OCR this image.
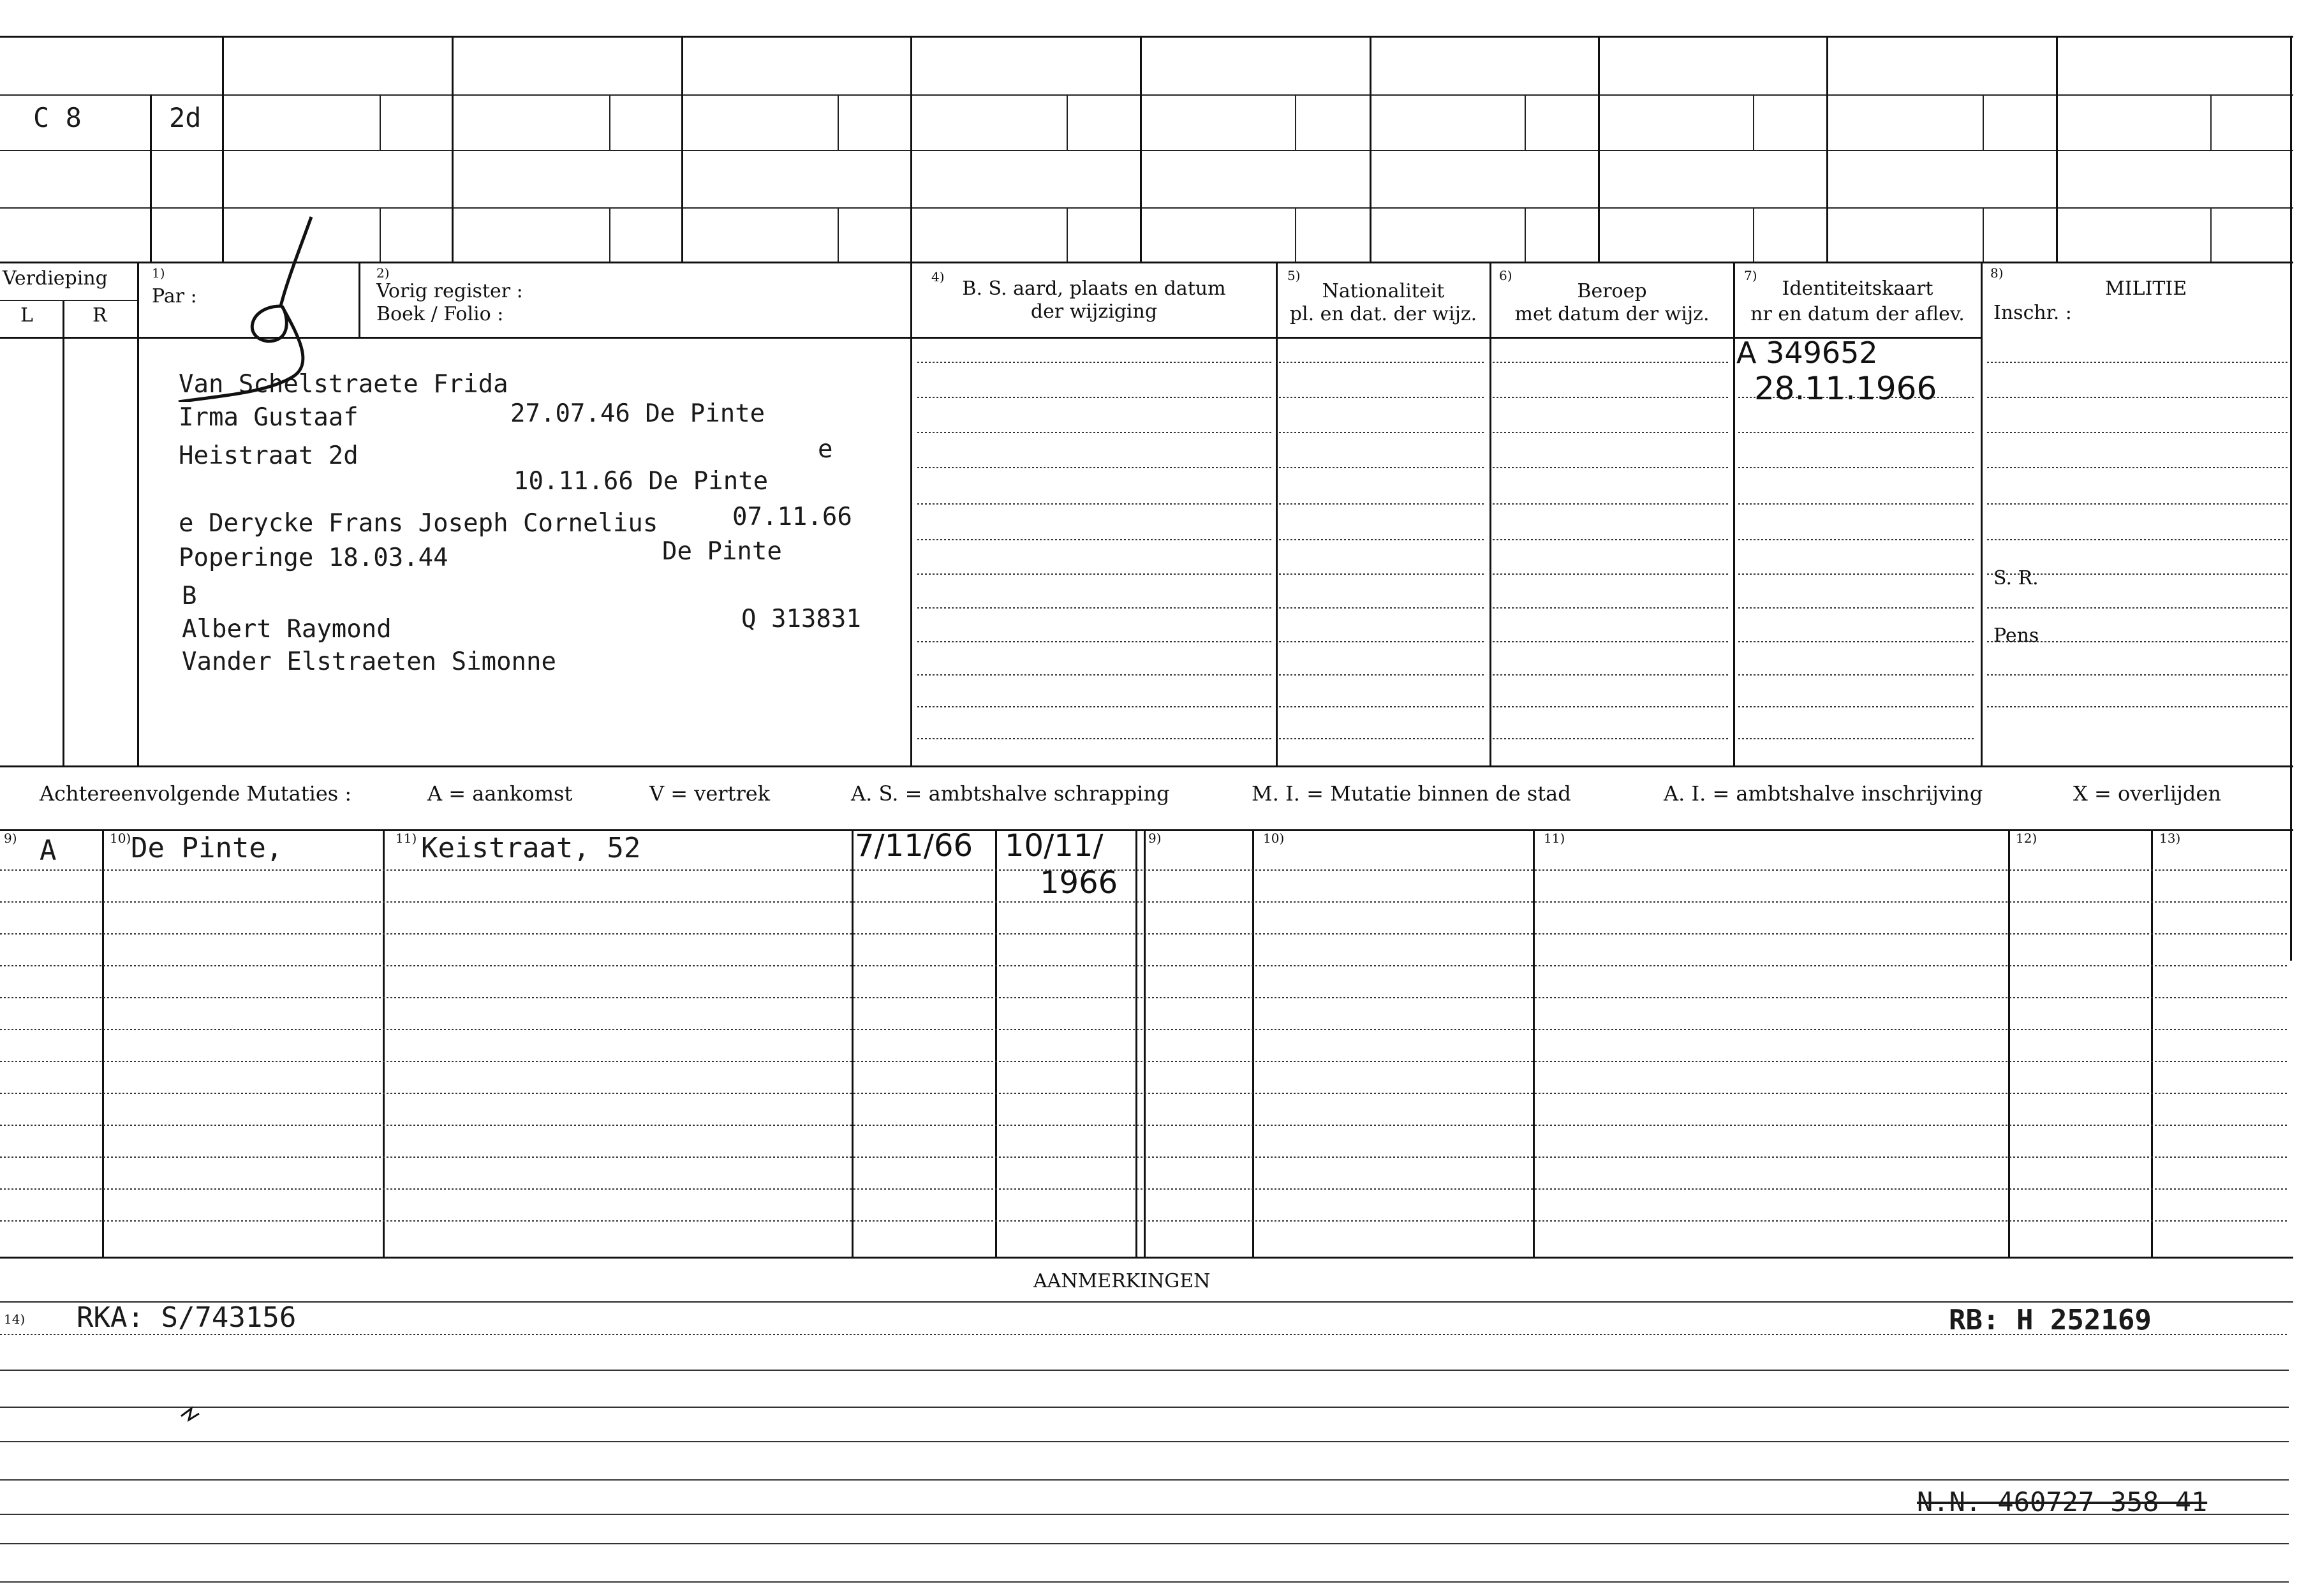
C 8	2d
Verdieping
L	R
1)
Par :
2)
Vorig register :
Boek / Folio :
4)
B. S. aard, plaats en datum
der wijziging
5)
Nationaliteit
pl. en dat. der wijz.
6)
Beroep
met datum der wijz.
7)
Identiteitskaart
nr en datum der aflev.
8)
MILITIE
Inschr. :
Van Schelstraete Frida
Irma Gustaaf	27.07.46 De Pinte
Heistraat 2d	e
10.11.66 De Pinte
e Derycke Frans Joseph Cornelius	07.11.66
Poperinge 18.03.44	De Pinte
B
Albert Raymond	Q 313831
Vander Elstraeten Simonne
A 349652
28.11.1966
S. R.
Pens
Achtereenvolgende Mutaties :	A = aankomst	V = vertrek	A. S. = ambtshalve schrapping	M. I. = Mutatie binnen de stad	A. I. = ambtshalve inschrijving	X = overlijden
9)	10)	11)	9)	10)	11)	12)	13)
A	De Pinte,	Keistraat, 52	7/11/66 10/11/
1966
AANMERKINGEN
14) RKA: S/743156	RB: H 252169
N.N. 460727 358 41
